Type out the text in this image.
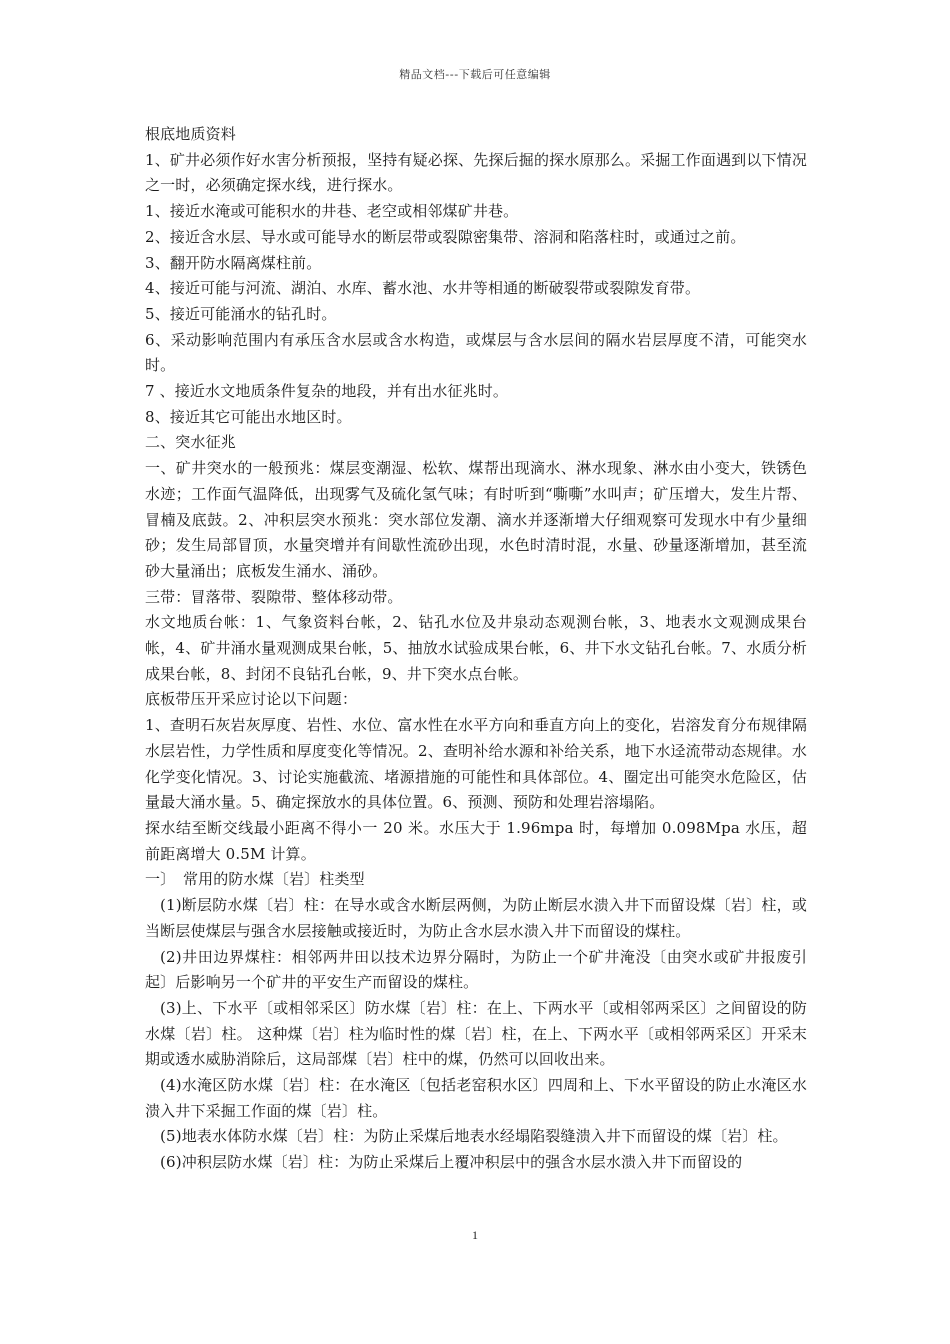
精品文档---下载后可任意编辑

根底地质资料

1、矿井必须作好水害分析预报，坚持有疑必探、先探后掘的探水原那么。采掘工作面遇到以下情况之一时，必须确定探水线，进行探水。

1、接近水淹或可能积水的井巷、老空或相邻煤矿井巷。

2、接近含水层、导水或可能导水的断层带或裂隙密集带、溶洞和陷落柱时，或通过之前。

3、翻开防水隔离煤柱前。

4、接近可能与河流、湖泊、水库、蓄水池、水井等相通的断破裂带或裂隙发育带。

5、接近可能涌水的钻孔时。

6、采动影响范围内有承压含水层或含水构造，或煤层与含水层间的隔水岩层厚度不清，可能突水时。

7 、接近水文地质条件复杂的地段，并有出水征兆时。

8、接近其它可能出水地区时。

二、突水征兆

一、矿井突水的一般预兆：煤层变潮湿、松软、煤帮出现滴水、淋水现象、淋水由小变大，铁锈色水迹；工作面气温降低，出现雾气及硫化氢气味；有时听到“嘶嘶”水叫声；矿压增大，发生片帮、冒楠及底鼓。2、冲积层突水预兆：突水部位发潮、滴水并逐渐增大仔细观察可发现水中有少量细砂；发生局部冒顶，水量突增并有间歇性流砂出现，水色时清时混，水量、砂量逐渐增加，甚至流砂大量涌出；底板发生涌水、涌砂。

三带：冒落带、裂隙带、整体移动带。

水文地质台帐：1、气象资料台帐，2、钻孔水位及井泉动态观测台帐，3、地表水文观测成果台帐，4、矿井涌水量观测成果台帐，5、抽放水试验成果台帐，6、井下水文钻孔台帐。7、水质分析成果台帐，8、封闭不良钻孔台帐，9、井下突水点台帐。

底板带压开采应讨论以下问题：

1、查明石灰岩灰厚度、岩性、水位、富水性在水平方向和垂直方向上的变化，岩溶发育分布规律隔水层岩性，力学性质和厚度变化等情况。2、查明补给水源和补给关系，地下水迳流带动态规律。水化学变化情况。3、讨论实施截流、堵源措施的可能性和具体部位。4、圈定出可能突水危险区，估量最大涌水量。5、确定探放水的具体位置。6、预测、预防和处理岩溶塌陷。

探水结至断交线最小距离不得小一 20 米。水压大于 1.96mpa 时，每增加 0.098Mpa 水压，超前距离增大 0.5M 计算。

一〕　常用的防水煤〔岩〕柱类型

(1)断层防水煤〔岩〕柱：在导水或含水断层两侧，为防止断层水溃入井下而留设煤〔岩〕柱，或当断层使煤层与强含水层接触或接近时，为防止含水层水溃入井下而留设的煤柱。

(2)井田边界煤柱：相邻两井田以技术边界分隔时，为防止一个矿井淹没〔由突水或矿井报废引起〕后影响另一个矿井的平安生产而留设的煤柱。

(3)上、下水平〔或相邻采区〕防水煤〔岩〕柱：在上、下两水平〔或相邻两采区〕之间留设的防水煤〔岩〕柱。 这种煤〔岩〕柱为临时性的煤〔岩〕柱，在上、下两水平〔或相邻两采区〕开采末期或透水威胁消除后，这局部煤〔岩〕柱中的煤，仍然可以回收出来。

(4)水淹区防水煤〔岩〕柱：在水淹区〔包括老窑积水区〕四周和上、下水平留设的防止水淹区水溃入井下采掘工作面的煤〔岩〕柱。

(5)地表水体防水煤〔岩〕柱：为防止采煤后地表水经塌陷裂缝溃入井下而留设的煤〔岩〕柱。

(6)冲积层防水煤〔岩〕柱：为防止采煤后上覆冲积层中的强含水层水溃入井下而留设的

1
